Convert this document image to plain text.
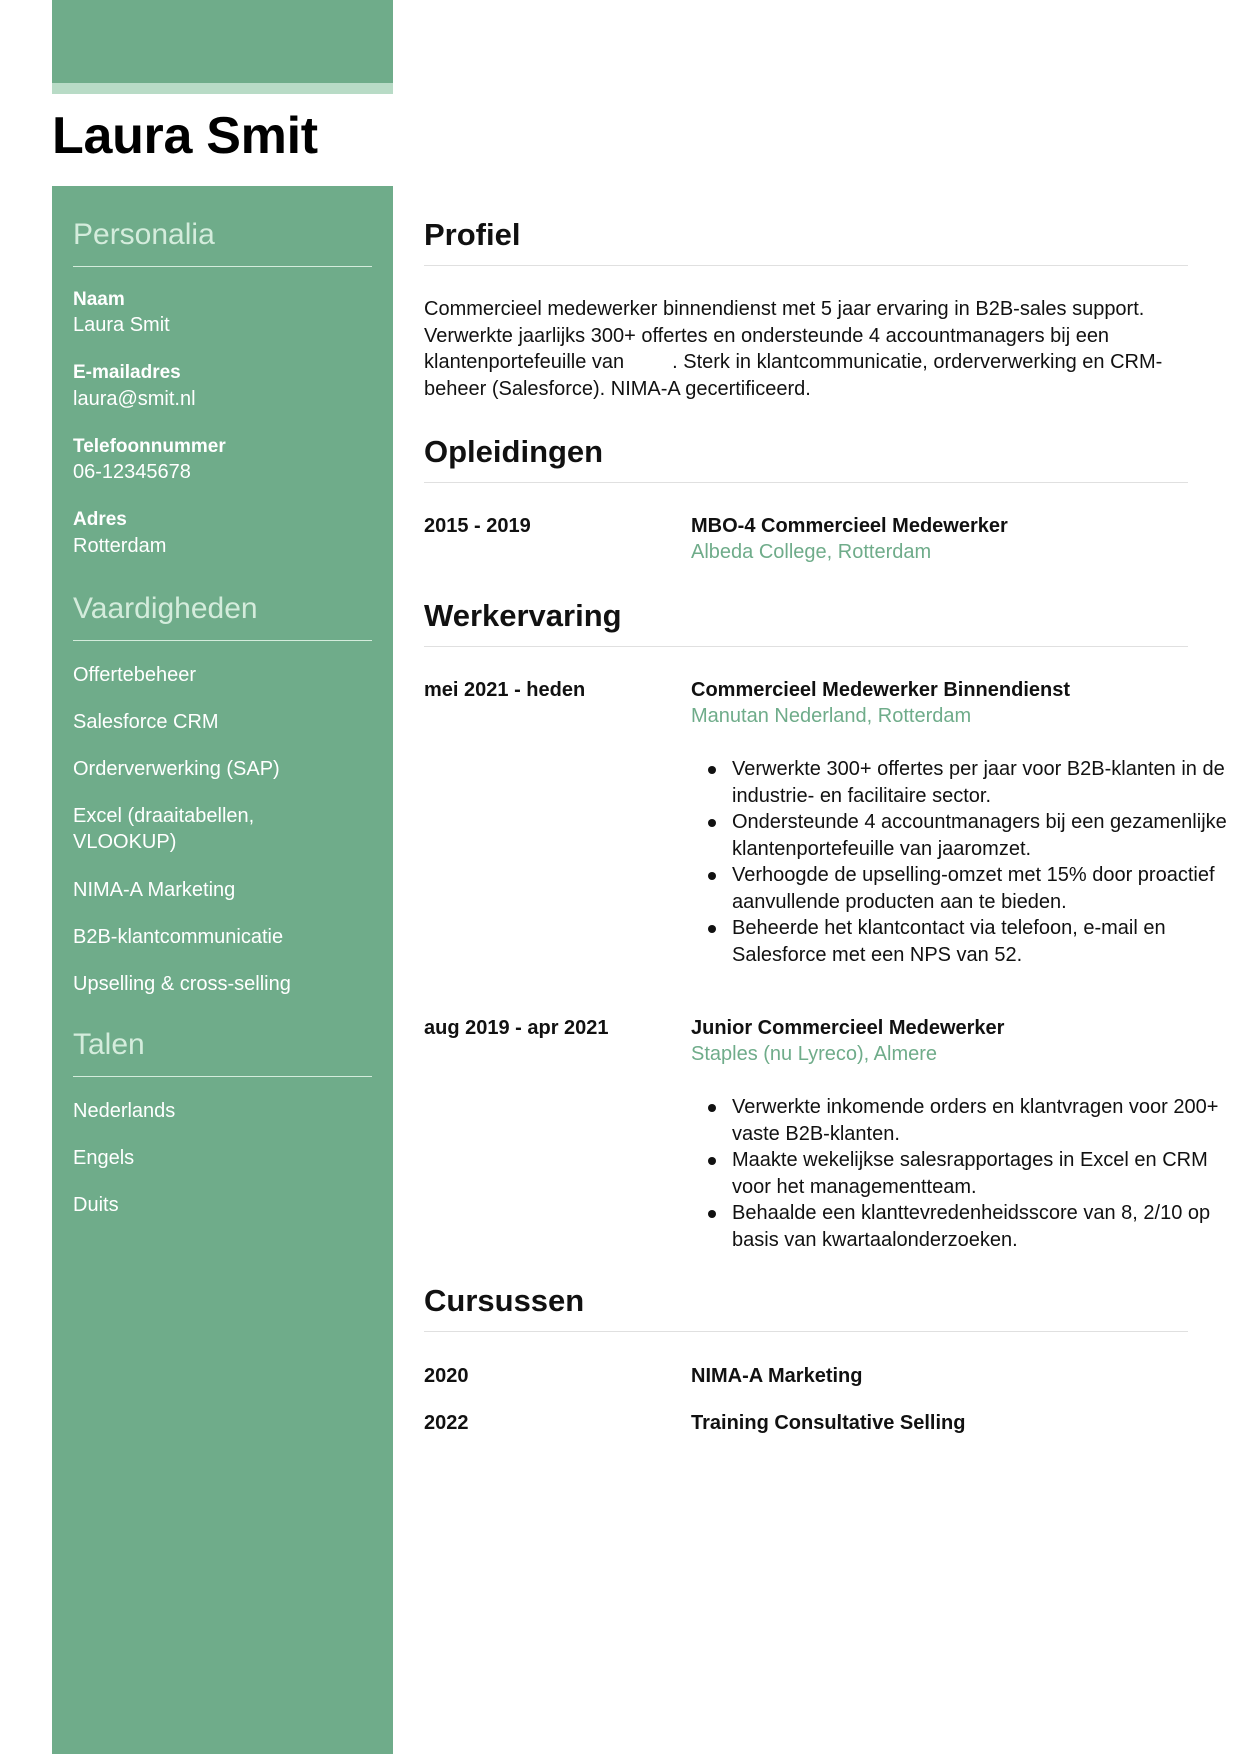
Laura Smit
Personalia
Naam
Laura Smit
E-mailadres
laura@smit.nl
Telefoonnummer
06-12345678
Adres
Rotterdam
Vaardigheden
Offertebeheer
Salesforce CRM
Orderverwerking (SAP)
Excel (draaitabellen, VLOOKUP)
NIMA-A Marketing
B2B-klantcommunicatie
Upselling & cross-selling
Talen
Nederlands
Engels
Duits
Profiel
Commercieel medewerker binnendienst met 5 jaar ervaring in B2B-sales support. Verwerkte jaarlijks 300+ offertes en ondersteunde 4 accountmanagers bij een klantenportefeuille van . Sterk in klantcommunicatie, orderverwerking en CRM-beheer (Salesforce). NIMA-A gecertificeerd.
Opleidingen
2015 - 2019	MBO-4 Commercieel Medewerker
Albeda College, Rotterdam
Werkervaring
mei 2021 - heden	Commercieel Medewerker Binnendienst
Manutan Nederland, Rotterdam
Verwerkte 300+ offertes per jaar voor B2B-klanten in de industrie- en facilitaire sector.
Ondersteunde 4 accountmanagers bij een gezamenlijke klantenportefeuille van jaaromzet.
Verhoogde de upselling-omzet met 15% door proactief aanvullende producten aan te bieden.
Beheerde het klantcontact via telefoon, e-mail en Salesforce met een NPS van 52.
aug 2019 - apr 2021	Junior Commercieel Medewerker
Staples (nu Lyreco), Almere
Verwerkte inkomende orders en klantvragen voor 200+ vaste B2B-klanten.
Maakte wekelijkse salesrapportages in Excel en CRM voor het managementteam.
Behaalde een klanttevredenheidsscore van 8, 2/10 op basis van kwartaalonderzoeken.
Cursussen
2020	NIMA-A Marketing
2022	Training Consultative Selling
